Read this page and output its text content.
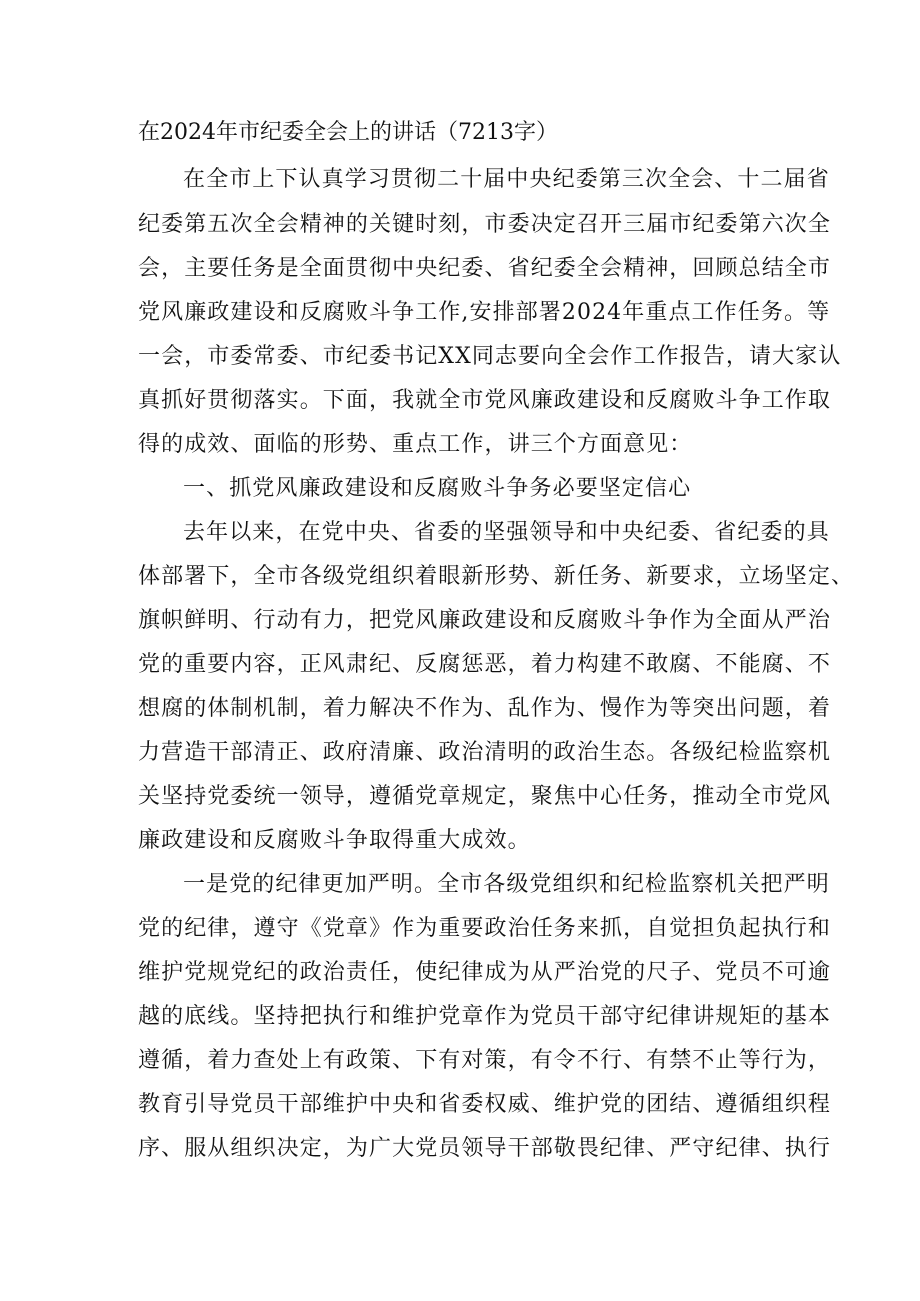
在2024年市纪委全会上的讲话（7213字）
在全市上下认真学习贯彻二十届中央纪委第三次全会、十二届省
纪委第五次全会精神的关键时刻，市委决定召开三届市纪委第六次全
会，主要任务是全面贯彻中央纪委、省纪委全会精神，回顾总结全市
党风廉政建设和反腐败斗争工作,安排部署2024年重点工作任务。等
一会，市委常委、市纪委书记XX同志要向全会作工作报告，请大家认
真抓好贯彻落实。下面，我就全市党风廉政建设和反腐败斗争工作取
得的成效、面临的形势、重点工作，讲三个方面意见：
一、抓党风廉政建设和反腐败斗争务必要坚定信心
去年以来，在党中央、省委的坚强领导和中央纪委、省纪委的具
体部署下，全市各级党组织着眼新形势、新任务、新要求，立场坚定、
旗帜鲜明、行动有力，把党风廉政建设和反腐败斗争作为全面从严治
党的重要内容，正风肃纪、反腐惩恶，着力构建不敢腐、不能腐、不
想腐的体制机制，着力解决不作为、乱作为、慢作为等突出问题，着
力营造干部清正、政府清廉、政治清明的政治生态。各级纪检监察机
关坚持党委统一领导，遵循党章规定，聚焦中心任务，推动全市党风
廉政建设和反腐败斗争取得重大成效。
一是党的纪律更加严明。全市各级党组织和纪检监察机关把严明
党的纪律，遵守《党章》作为重要政治任务来抓，自觉担负起执行和
维护党规党纪的政治责任，使纪律成为从严治党的尺子、党员不可逾
越的底线。坚持把执行和维护党章作为党员干部守纪律讲规矩的基本
遵循，着力查处上有政策、下有对策，有令不行、有禁不止等行为，
教育引导党员干部维护中央和省委权威、维护党的团结、遵循组织程
序、服从组织决定，为广大党员领导干部敬畏纪律、严守纪律、执行
